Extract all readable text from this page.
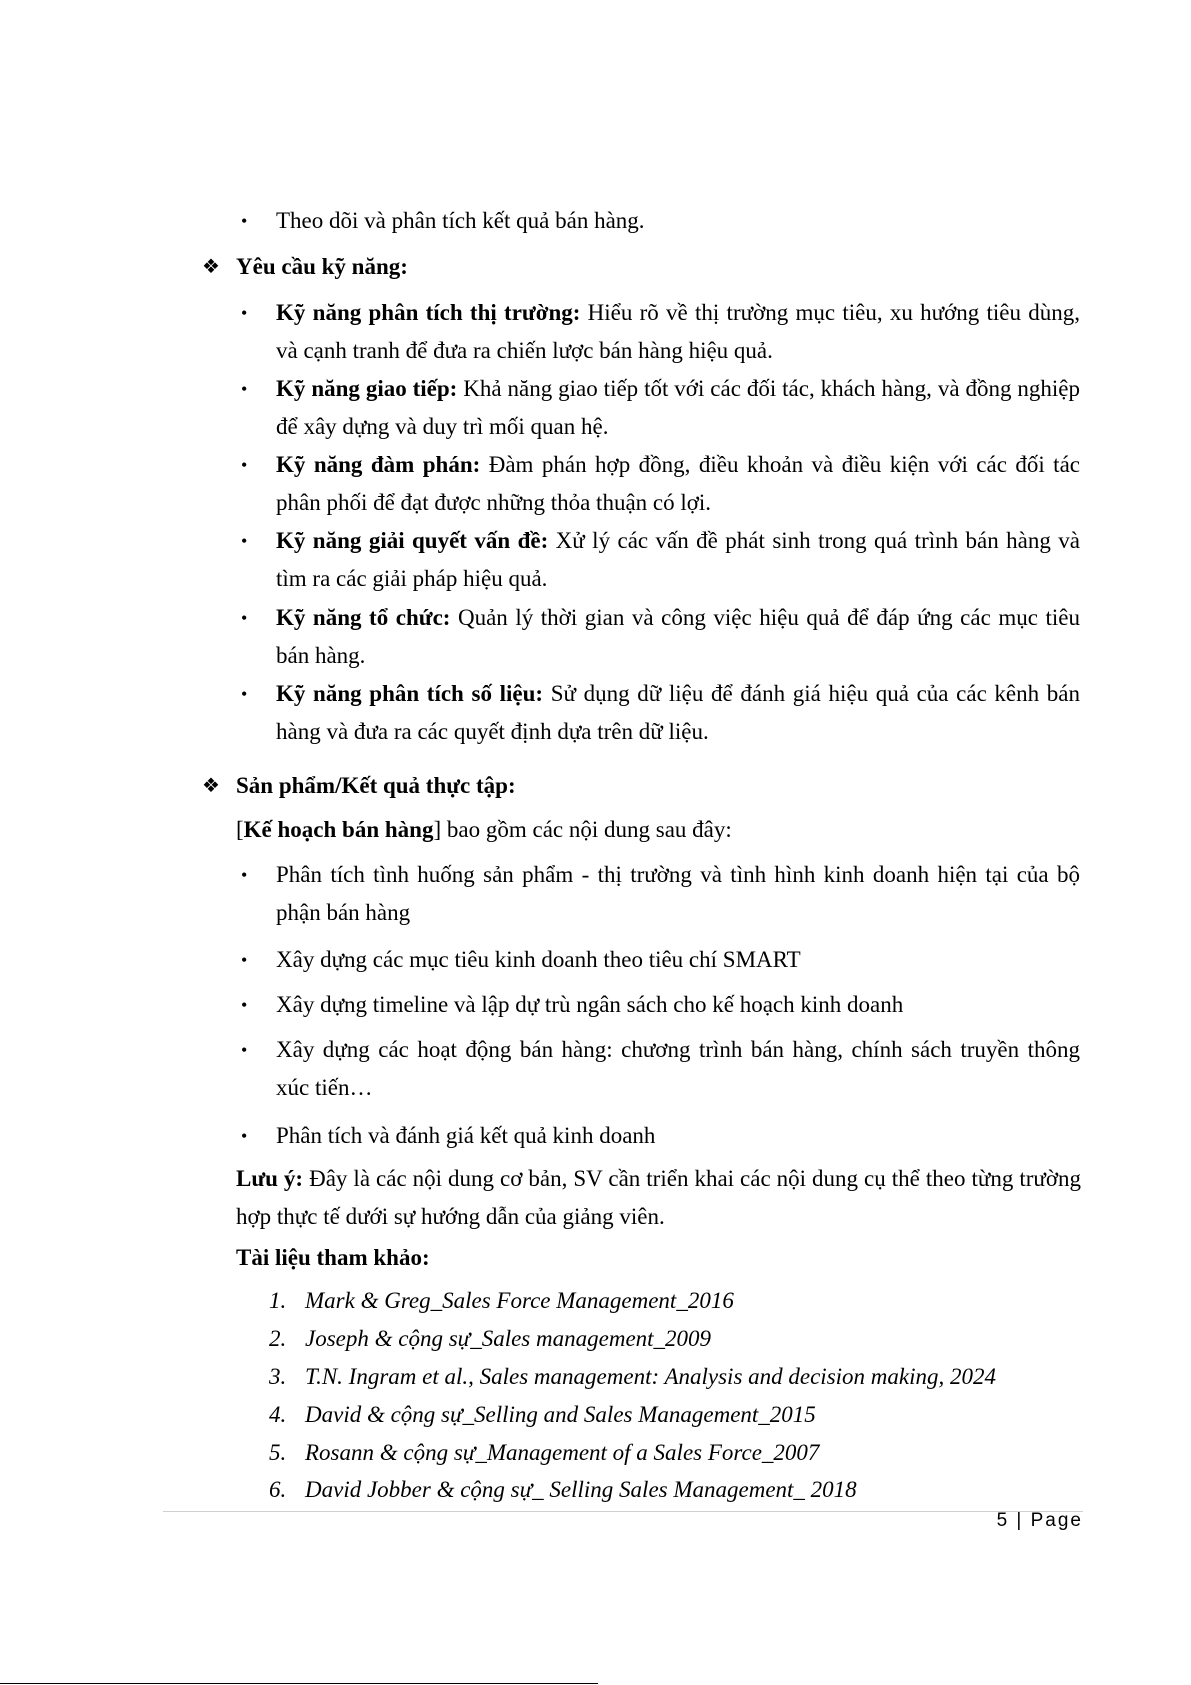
• Theo dõi và phân tích kết quả bán hàng.
❖ Yêu cầu kỹ năng:
• Kỹ năng phân tích thị trường: Hiểu rõ về thị trường mục tiêu, xu hướng tiêu dùng, và cạnh tranh để đưa ra chiến lược bán hàng hiệu quả.
• Kỹ năng giao tiếp: Khả năng giao tiếp tốt với các đối tác, khách hàng, và đồng nghiệp để xây dựng và duy trì mối quan hệ.
• Kỹ năng đàm phán: Đàm phán hợp đồng, điều khoản và điều kiện với các đối tác phân phối để đạt được những thỏa thuận có lợi.
• Kỹ năng giải quyết vấn đề: Xử lý các vấn đề phát sinh trong quá trình bán hàng và tìm ra các giải pháp hiệu quả.
• Kỹ năng tổ chức: Quản lý thời gian và công việc hiệu quả để đáp ứng các mục tiêu bán hàng.
• Kỹ năng phân tích số liệu: Sử dụng dữ liệu để đánh giá hiệu quả của các kênh bán hàng và đưa ra các quyết định dựa trên dữ liệu.
❖ Sản phẩm/Kết quả thực tập:
[Kế hoạch bán hàng] bao gồm các nội dung sau đây:
• Phân tích tình huống sản phẩm - thị trường và tình hình kinh doanh hiện tại của bộ phận bán hàng
• Xây dựng các mục tiêu kinh doanh theo tiêu chí SMART
• Xây dựng timeline và lập dự trù ngân sách cho kế hoạch kinh doanh
• Xây dựng các hoạt động bán hàng: chương trình bán hàng, chính sách truyền thông xúc tiến…
• Phân tích và đánh giá kết quả kinh doanh
Lưu ý: Đây là các nội dung cơ bản, SV cần triển khai các nội dung cụ thể theo từng trường hợp thực tế dưới sự hướng dẫn của giảng viên.
Tài liệu tham khảo:
1. Mark & Greg_Sales Force Management_2016
2. Joseph & cộng sự_Sales management_2009
3. T.N. Ingram et al., Sales management: Analysis and decision making, 2024
4. David & cộng sự_Selling and Sales Management_2015
5. Rosann & cộng sự_Management of a Sales Force_2007
6. David Jobber & cộng sự_ Selling Sales Management_ 2018
5 | Page
